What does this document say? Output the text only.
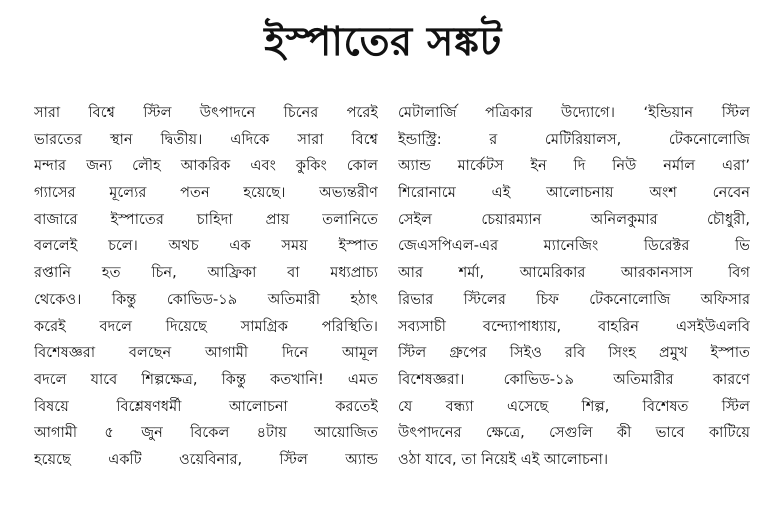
ইস্পাতের সঙ্কট
সারা বিশ্বে স্টিল উৎপাদনে চিনের পরেই
ভারতের স্থান দ্বিতীয়। এদিকে সারা বিশ্বে
মন্দার জন্য লৌহ আকরিক এবং কুকিং কোল
গ্যাসের মূল্যের পতন হয়েছে। অভ্যন্তরীণ
বাজারে ইস্পাতের চাহিদা প্রায় তলানিতে
বললেই চলে। অথচ এক সময় ইস্পাত
রপ্তানি হত চিন, আফ্রিকা বা মধ্যপ্রাচ্য
থেকেও। কিন্তু কোভিড-১৯ অতিমারী হঠাৎ
করেই বদলে দিয়েছে সামগ্রিক পরিস্থিতি।
বিশেষজ্ঞরা বলছেন আগামী দিনে আমূল
বদলে যাবে শিল্পক্ষেত্র, কিন্তু কতখানি! এমত
বিষয়ে বিশ্লেষণধর্মী আলোচনা করতেই
আগামী ৫ জুন বিকেল ৪টায় আয়োজিত
হয়েছে একটি ওয়েবিনার, স্টিল অ্যান্ড
মেটালার্জি পত্রিকার উদ্যোগে। ‘ইন্ডিয়ান স্টিল
ইন্ডাস্ট্রি: র মেটিরিয়ালস, টেকনোলোজি
অ্যান্ড মার্কেটস ইন দি নিউ নর্মাল এরা’
শিরোনামে এই আলোচনায় অংশ নেবেন
সেইল চেয়ারম্যান অনিলকুমার চৌধুরী,
জেএসপিএল-এর ম্যানেজিং ডিরেক্টর ভি
আর শর্মা, আমেরিকার আরকানসাস বিগ
রিভার স্টিলের চিফ টেকনোলোজি অফিসার
সব্যসাচী বন্দ্যোপাধ্যায়, বাহরিন এসইউএলবি
স্টিল গ্রুপের সিইও রবি সিংহ প্রমুখ ইস্পাত
বিশেষজ্ঞরা। কোভিড-১৯ অতিমারীর কারণে
যে বন্ধ্যা এসেছে শিল্প, বিশেষত স্টিল
উৎপাদনের ক্ষেত্রে, সেগুলি কী ভাবে কাটিয়ে
ওঠা যাবে, তা নিয়েই এই আলোচনা।
